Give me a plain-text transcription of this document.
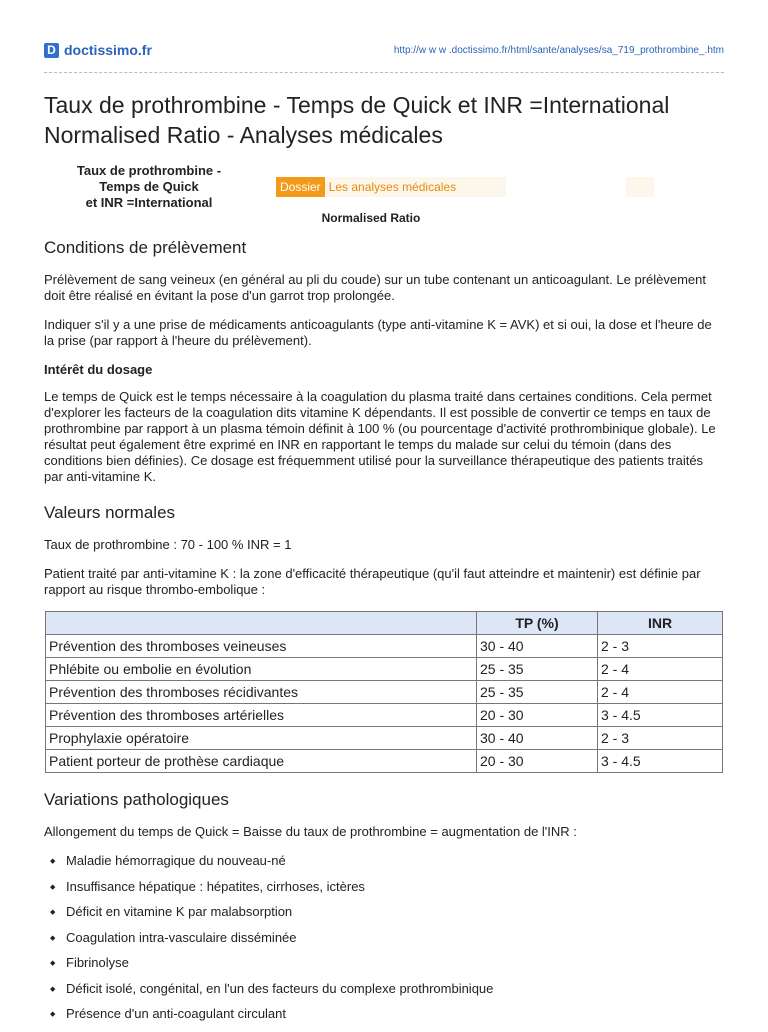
D doctissimo.fr	http://w w w .doctissimo.fr/html/sante/analyses/sa_719_prothrombine_.htm
Taux de prothrombine - Temps de Quick et INR =International Normalised Ratio - Analyses médicales
Taux de prothrombine -
Temps de Quick
et INR =International
Dossier Les analyses médicales
Normalised Ratio
Conditions de prélèvement

Prélèvement de sang veineux (en général au pli du coude) sur un tube contenant un anticoagulant. Le prélèvement doit être réalisé en évitant la pose d'un garrot trop prolongée.

Indiquer s'il y a une prise de médicaments anticoagulants (type anti-vitamine K = AVK) et si oui, la dose et l'heure de la prise (par rapport à l'heure du prélèvement).

Intérêt du dosage

Le temps de Quick est le temps nécessaire à la coagulation du plasma traité dans certaines conditions. Cela permet d'explorer les facteurs de la coagulation dits vitamine K dépendants. Il est possible de convertir ce temps en taux de prothrombine par rapport à un plasma témoin définit à 100 % (ou pourcentage d'activité prothrombinique globale). Le résultat peut également être exprimé en INR en rapportant le temps du malade sur celui du témoin (dans des conditions bien définies). Ce dosage est fréquemment utilisé pour la surveillance thérapeutique des patients traités par anti-vitamine K.

Valeurs normales

Taux de prothrombine : 70 - 100 % INR = 1

Patient traité par anti-vitamine K : la zone d'efficacité thérapeutique (qu'il faut atteindre et maintenir) est définie par rapport au risque thrombo-embolique :

	TP (%)	INR
Prévention des thromboses veineuses	30 - 40	2 - 3
Phlébite ou embolie en évolution	25 - 35	2 - 4
Prévention des thromboses récidivantes	25 - 35	2 - 4
Prévention des thromboses artérielles	20 - 30	3 - 4.5
Prophylaxie opératoire	30 - 40	2 - 3
Patient porteur de prothèse cardiaque	20 - 30	3 - 4.5
Variations pathologiques

Allongement du temps de Quick = Baisse du taux de prothrombine = augmentation de l'INR :

◆ Maladie hémorragique du nouveau-né
◆ Insuffisance hépatique : hépatites, cirrhoses, ictères
◆ Déficit en vitamine K par malabsorption
◆ Coagulation intra-vasculaire disséminée
◆ Fibrinolyse
◆ Déficit isolé, congénital, en l'un des facteurs du complexe prothrombinique
◆ Présence d'un anti-coagulant circulant
